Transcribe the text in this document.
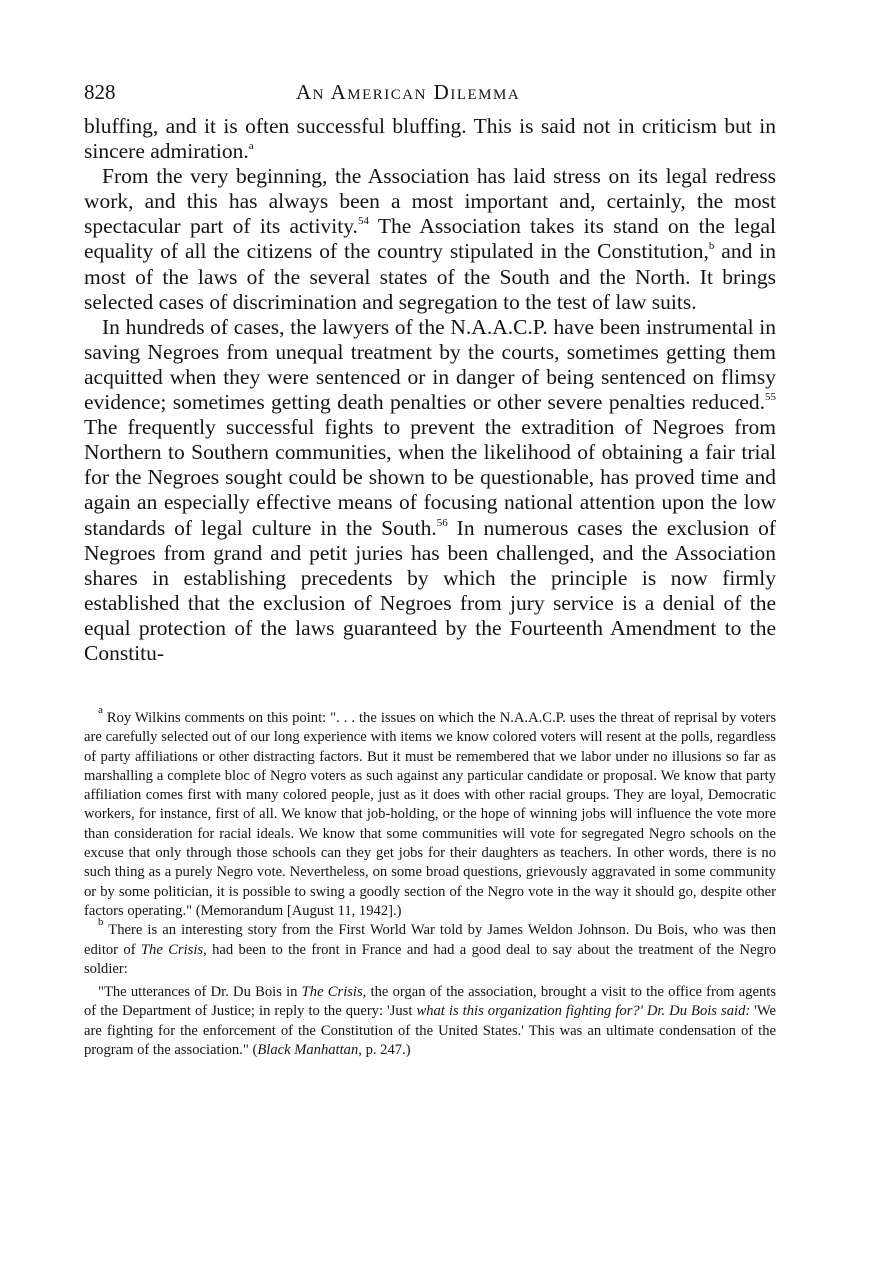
828	An American Dilemma

bluffing, and it is often successful bluffing. This is said not in criticism but in sincere admiration.$^a$

From the very beginning, the Association has laid stress on its legal redress work, and this has always been a most important and, certainly, the most spectacular part of its activity.$^{54}$ The Association takes its stand on the legal equality of all the citizens of the country stipulated in the Constitution,$^b$ and in most of the laws of the several states of the South and the North. It brings selected cases of discrimination and segregation to the test of law suits.

In hundreds of cases, the lawyers of the N.A.A.C.P. have been instrumental in saving Negroes from unequal treatment by the courts, sometimes getting them acquitted when they were sentenced or in danger of being sentenced on flimsy evidence; sometimes getting death penalties or other severe penalties reduced.$^{55}$ The frequently successful fights to prevent the extradition of Negroes from Northern to Southern communities, when the likelihood of obtaining a fair trial for the Negroes sought could be shown to be questionable, has proved time and again an especially effective means of focusing national attention upon the low standards of legal culture in the South.$^{56}$ In numerous cases the exclusion of Negroes from grand and petit juries has been challenged, and the Association shares in establishing precedents by which the principle is now firmly established that the exclusion of Negroes from jury service is a denial of the equal protection of the laws guaranteed by the Fourteenth Amendment to the Constitu-

$^a$ Roy Wilkins comments on this point: ". . . the issues on which the N.A.A.C.P. uses the threat of reprisal by voters are carefully selected out of our long experience with items we know colored voters will resent at the polls, regardless of party affiliations or other distracting factors. But it must be remembered that we labor under no illusions so far as marshalling a complete bloc of Negro voters as such against any particular candidate or proposal. We know that party affiliation comes first with many colored people, just as it does with other racial groups. They are loyal, Democratic workers, for instance, first of all. We know that job-holding, or the hope of winning jobs will influence the vote more than consideration for racial ideals. We know that some communities will vote for segregated Negro schools on the excuse that only through those schools can they get jobs for their daughters as teachers. In other words, there is no such thing as a purely Negro vote. Nevertheless, on some broad questions, grievously aggravated in some community or by some politician, it is possible to swing a goodly section of the Negro vote in the way it should go, despite other factors operating." (Memorandum [August 11, 1942].)

$^b$ There is an interesting story from the First World War told by James Weldon Johnson. Du Bois, who was then editor of The Crisis, had been to the front in France and had a good deal to say about the treatment of the Negro soldier:

"The utterances of Dr. Du Bois in The Crisis, the organ of the association, brought a visit to the office from agents of the Department of Justice; in reply to the query: 'Just what is this organization fighting for?' Dr. Du Bois said: 'We are fighting for the enforcement of the Constitution of the United States.' This was an ultimate condensation of the program of the association." (Black Manhattan, p. 247.)
